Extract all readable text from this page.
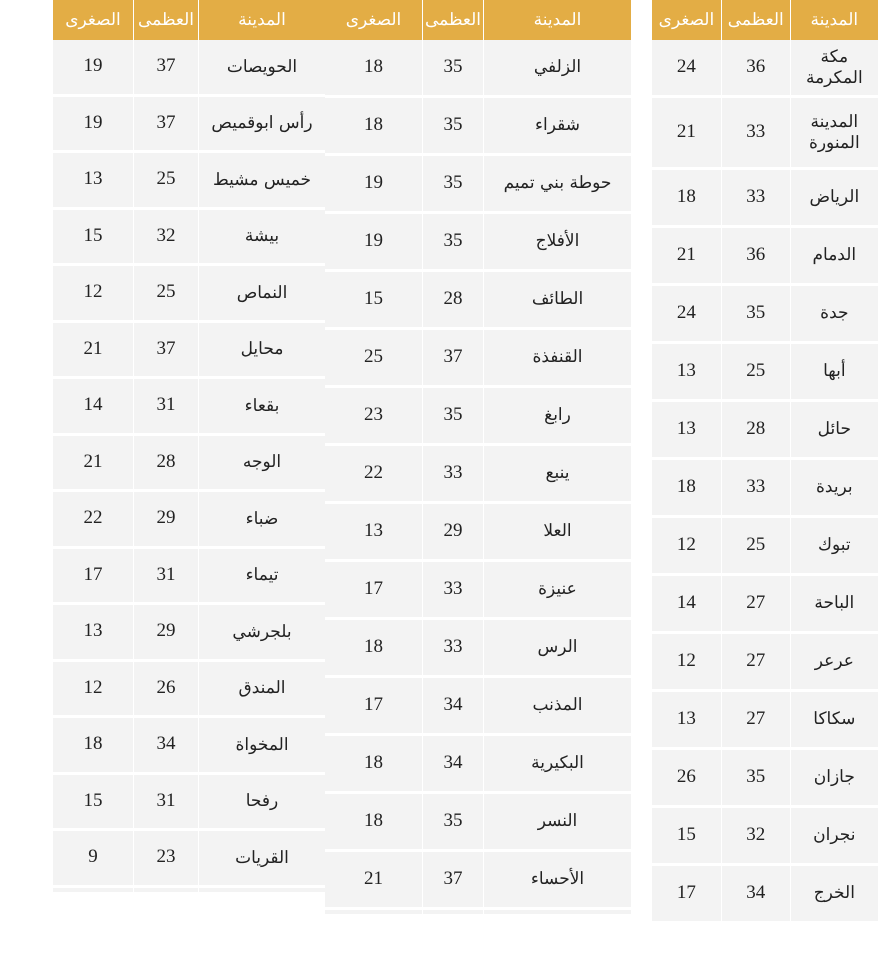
المدينة	العظمى	الصغرى
مكة المكرمة	36	24
المدينة المنورة	33	21
الرياض	33	18
الدمام	36	21
جدة	35	24
أبها	25	13
حائل	28	13
بريدة	33	18
تبوك	25	12
الباحة	27	14
عرعر	27	12
سكاكا	27	13
جازان	35	26
نجران	32	15
الخرج	34	17
المدينة	العظمى	الصغرى
الزلفي	35	18
شقراء	35	18
حوطة بني تميم	35	19
الأفلاج	35	19
الطائف	28	15
القنفذة	37	25
رابغ	35	23
ينبع	33	22
العلا	29	13
عنيزة	33	17
الرس	33	18
المذنب	34	17
البكيرية	34	18
النسر	35	18
الأحساء	37	21

المدينة	العظمى	الصغرى
الحويصات	37	19
رأس ابوقميص	37	19
خميس مشيط	25	13
بيشة	32	15
النماص	25	12
محايل	37	21
بقعاء	31	14
الوجه	28	21
ضباء	29	22
تيماء	31	17
بلجرشي	29	13
المندق	26	12
المخواة	34	18
رفحا	31	15
القريات	23	9
